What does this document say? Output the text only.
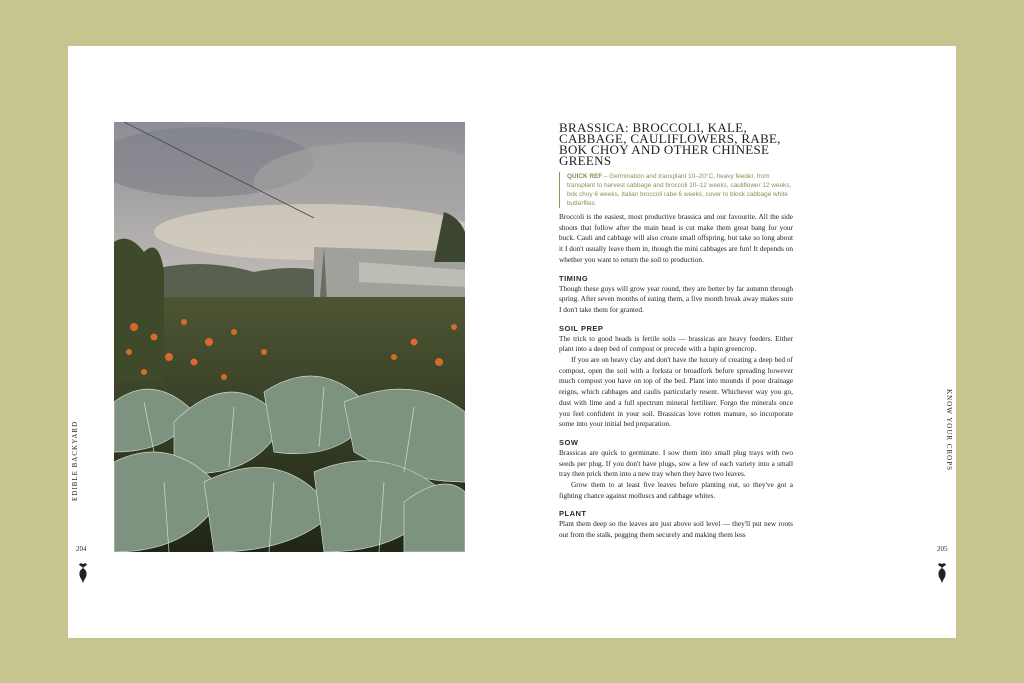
EDIBLE BACKYARD
204
KNOW YOUR CROPS
205
BRASSICA: BROCCOLI, KALE, CABBAGE, CAULIFLOWERS, RABE, BOK CHOY AND OTHER CHINESE GREENS
QUICK REF – Germination and transplant 10–20°C, heavy feeder, from transplant to harvest cabbage and broccoli 10–12 weeks, cauliflower 12 weeks, bok choy 6 weeks, Italian broccoli rabe 6 weeks, cover to block cabbage white butterflies

Broccoli is the easiest, most productive brassica and our favourite. All the side shoots that follow after the main head is cut make them great bang for your buck. Cauli and cabbage will also create small offspring, but take so long about it I don't usually leave them in, though the mini cabbages are fun! It depends on whether you want to return the soil to production.

TIMING

Though these guys will grow year round, they are better by far autumn through spring. After seven months of eating them, a five month break away makes sure I don't take them for granted.

SOIL PREP

The trick to good heads is fertile soils — brassicas are heavy feeders. Either plant into a deep bed of compost or precede with a lupin greencrop.

If you are on heavy clay and don't have the luxury of creating a deep bed of compost, open the soil with a forksta or broadfork before spreading however much compost you have on top of the bed. Plant into mounds if poor drainage reigns, which cabbages and caulis particularly resent. Whichever way you go, dust with lime and a full spectrum mineral fertiliser. Forgo the minerals once you feel confident in your soil. Brassicas love rotten manure, so incorporate some into your initial bed preparation.

SOW

Brassicas are quick to germinate. I sow them into small plug trays with two seeds per plug. If you don't have plugs, sow a few of each variety into a small tray then prick them into a new tray when they have two leaves.

Grow them to at least five leaves before planting out, so they've got a fighting chance against molluscs and cabbage whites.

PLANT

Plant them deep so the leaves are just above soil level — they'll put new roots out from the stalk, pegging them securely and making them less
